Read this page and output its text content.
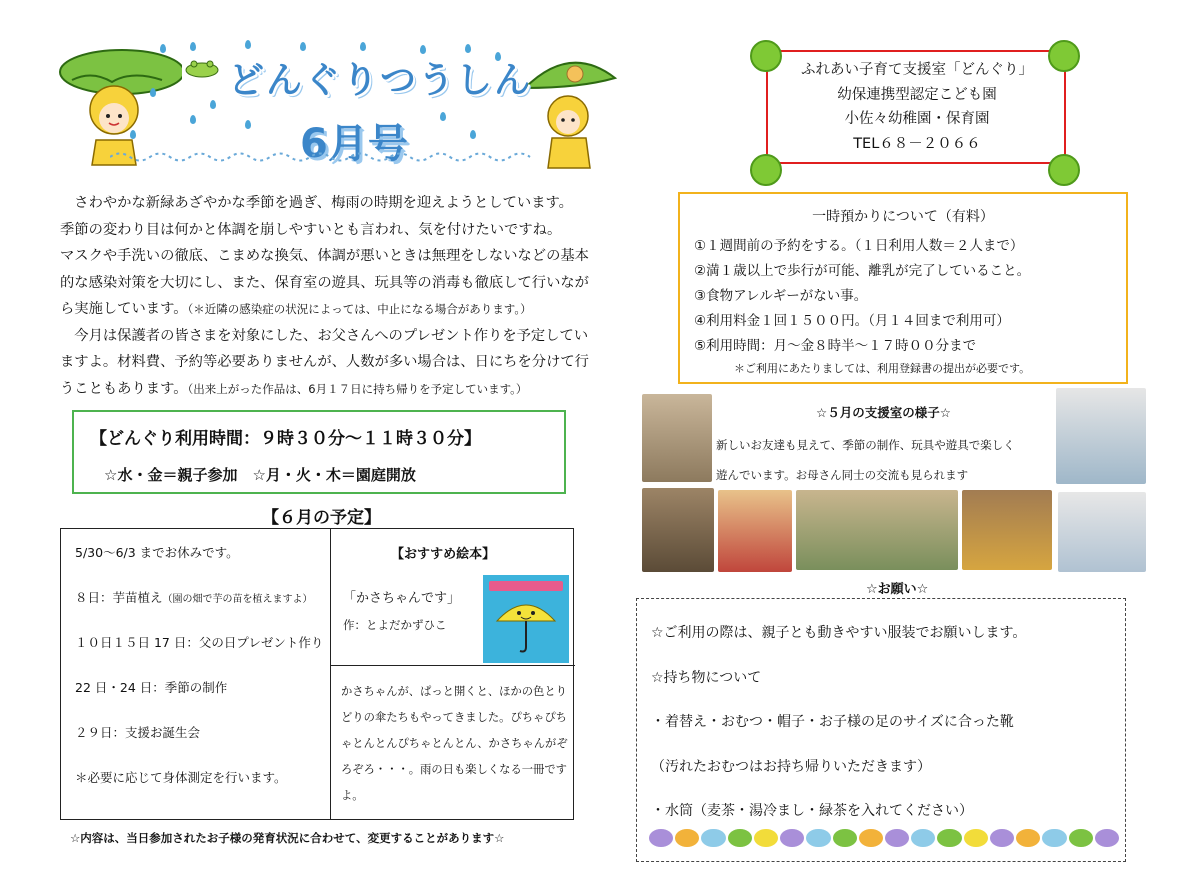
どんぐりつうしん
6月号

　さわやかな新緑あざやかな季節を過ぎ、梅雨の時期を迎えようとしています。

季節の変わり目は何かと体調を崩しやすいとも言われ、気を付けたいですね。

マスクや手洗いの徹底、こまめな換気、体調が悪いときは無理をしないなどの基本

的な感染対策を大切にし、また、保育室の遊具、玩具等の消毒も徹底して行いなが

ら実施しています。（＊近隣の感染症の状況によっては、中止になる場合があります。）

　今月は保護者の皆さまを対象にした、お父さんへのプレゼント作りを予定してい

ますよ。材料費、予約等必要ありませんが、人数が多い場合は、日にちを分けて行

うこともあります。（出来上がった作品は、6月１７日に持ち帰りを予定しています。）

【どんぐり利用時間：９時３０分～１１時３０分】
☆水・金＝親子参加　☆月・火・木＝園庭開放
【６月の予定】
5/30～6/3 までお休みです。
８日：芋苗植え（園の畑で芋の苗を植えますよ）
１０日１５日 17 日：父の日プレゼント作り
22 日・24 日：季節の制作
２９日：支援お誕生会
＊必要に応じて身体測定を行います。
【おすすめ絵本】
「かさちゃんです」
作：とよだかずひこ
かさちゃんが、ぱっと開くと、ほかの色とりどりの傘たちもやってきました。ぴちゃぴちゃとんとんぴちゃとんとん、かさちゃんがぞろぞろ・・・。雨の日も楽しくなる一冊ですよ。
☆内容は、当日参加されたお子様の発育状況に合わせて、変更することがあります☆
ふれあい子育て支援室「どんぐり」
幼保連携型認定こども園
小佐々幼稚園・保育園
TEL６８－２０６６
一時預かりについて（有料）
①１週間前の予約をする。（１日利用人数＝２人まで）
②満１歳以上で歩行が可能、離乳が完了していること。
③食物アレルギーがない事。
④利用料金１回１５００円。（月１４回まで利用可）
⑤利用時間：月～金８時半～１７時００分まで
＊ご利用にあたりましては、利用登録書の提出が必要です。
☆５月の支援室の様子☆
新しいお友達も見えて、季節の制作、玩具や遊具で楽しく
遊んでいます。お母さん同士の交流も見られます
☆お願い☆
☆ご利用の際は、親子とも動きやすい服装でお願いします。
☆持ち物について
・着替え・おむつ・帽子・お子様の足のサイズに合った靴
（汚れたおむつはお持ち帰りいただきます）
・水筒（麦茶・湯冷まし・緑茶を入れてください）
